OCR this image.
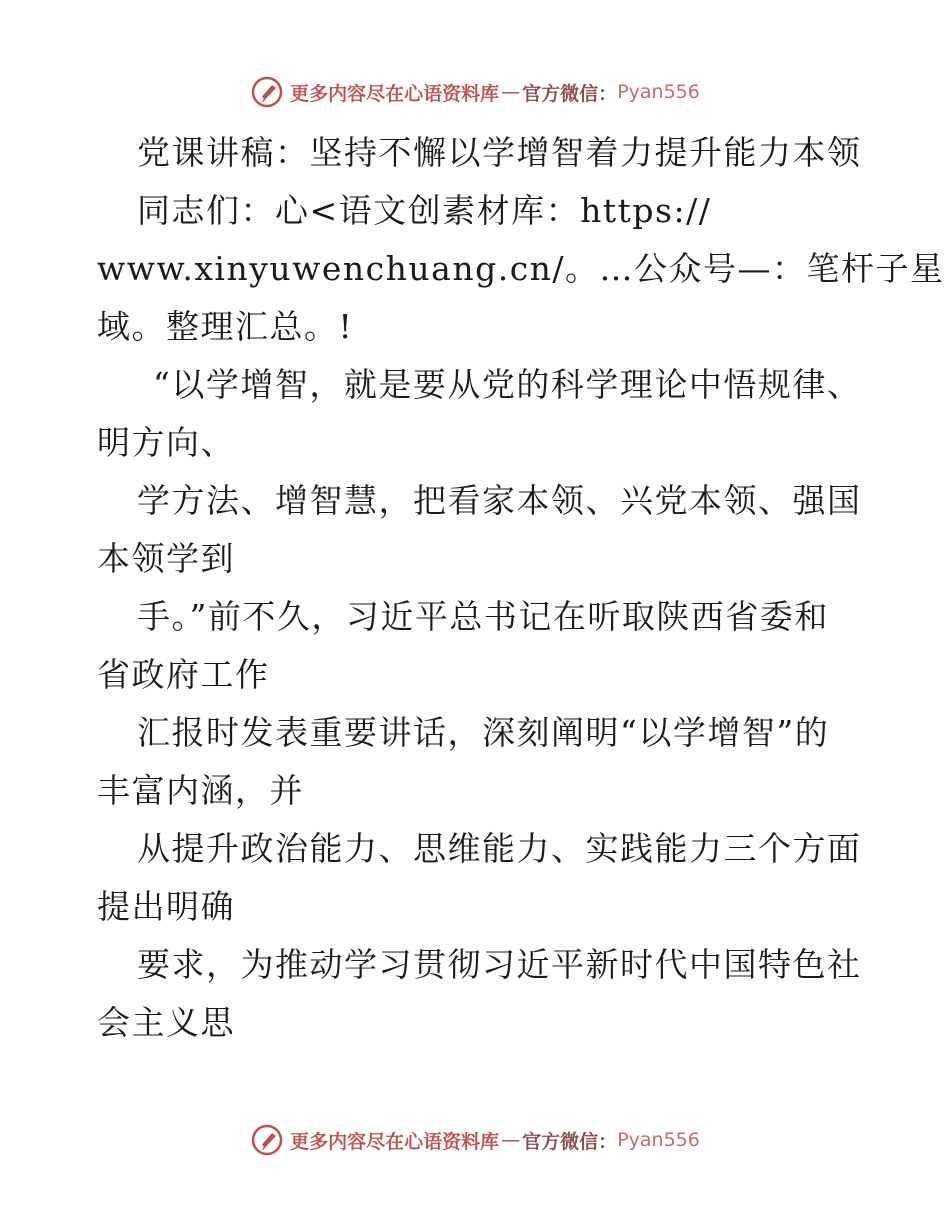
更多内容尽在心语资料库 — 官方微信： Pyan556
党课讲稿：坚持不懈以学增智着力提升能力本领
同志们：心<语文创素材库：https://
www.xinyuwenchuang.cn/。…公众号—：笔杆子星
域。整理汇总。!
“以学增智，就是要从党的科学理论中悟规律、
明方向、
学方法、增智慧，把看家本领、兴党本领、强国
本领学到
手。”前不久，习近平总书记在听取陕西省委和
省政府工作
汇报时发表重要讲话，深刻阐明“以学增智”的
丰富内涵，并
从提升政治能力、思维能力、实践能力三个方面
提出明确
要求，为推动学习贯彻习近平新时代中国特色社
会主义思
更多内容尽在心语资料库 — 官方微信： Pyan556
